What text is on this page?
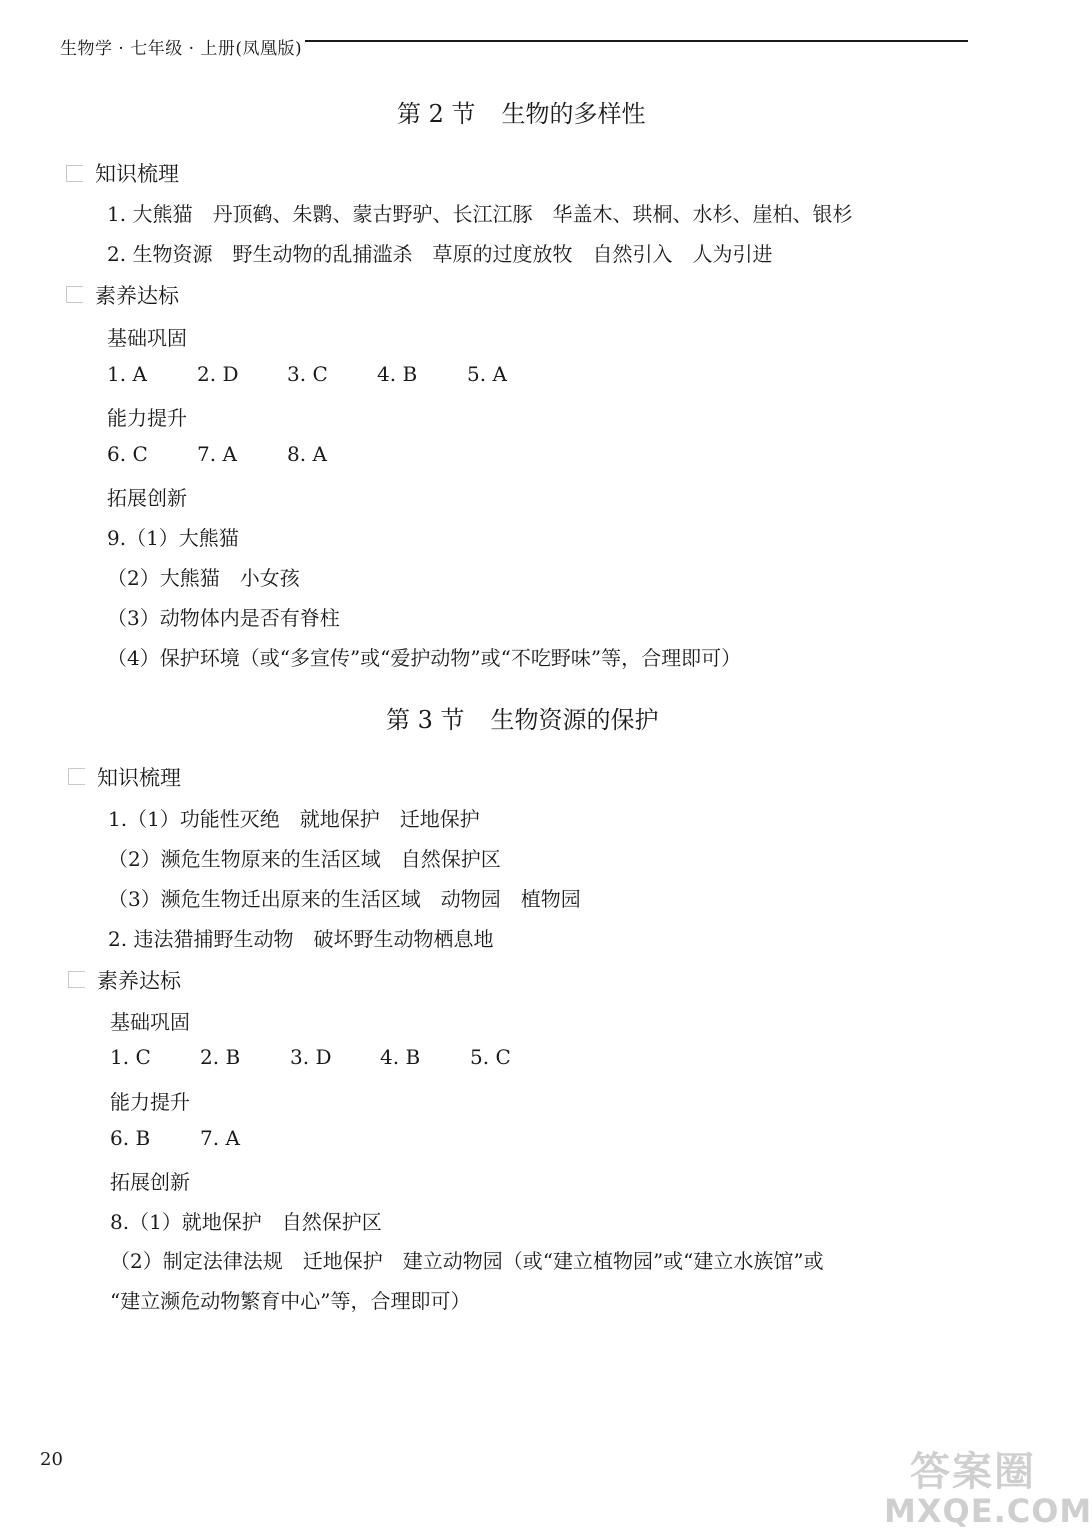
生物学 · 七年级 · 上册(凤凰版)
第 2 节 生物的多样性
知识梳理
1. 大熊猫　丹顶鹤、朱鹮、蒙古野驴、长江江豚　华盖木、珙桐、水杉、崖柏、银杉
2. 生物资源　野生动物的乱捕滥杀　草原的过度放牧　自然引入　人为引进
素养达标
基础巩固
1. A	2. D 3. C 4. B 5. A
能力提升
6. C 7. A	8. A
拓展创新
9.（1）大熊猫
（2）大熊猫　小女孩
（3）动物体内是否有脊柱
（4）保护环境（或“多宣传”或“爱护动物”或“不吃野味”等，合理即可）
第 3 节 生物资源的保护
知识梳理
1.（1）功能性灭绝　就地保护　迁地保护
（2）濒危生物原来的生活区域　自然保护区
（3）濒危生物迁出原来的生活区域　动物园　植物园
2. 违法猎捕野生动物　破坏野生动物栖息地
素养达标
基础巩固
1. C 2. B 3. D 4. B 5. C
能力提升
6. B 7. A
拓展创新
8.（1）就地保护　自然保护区
（2）制定法律法规　迁地保护　建立动物园（或“建立植物园”或“建立水族馆”或
“建立濒危动物繁育中心”等，合理即可）
20	答案圈
MXQE.COM
